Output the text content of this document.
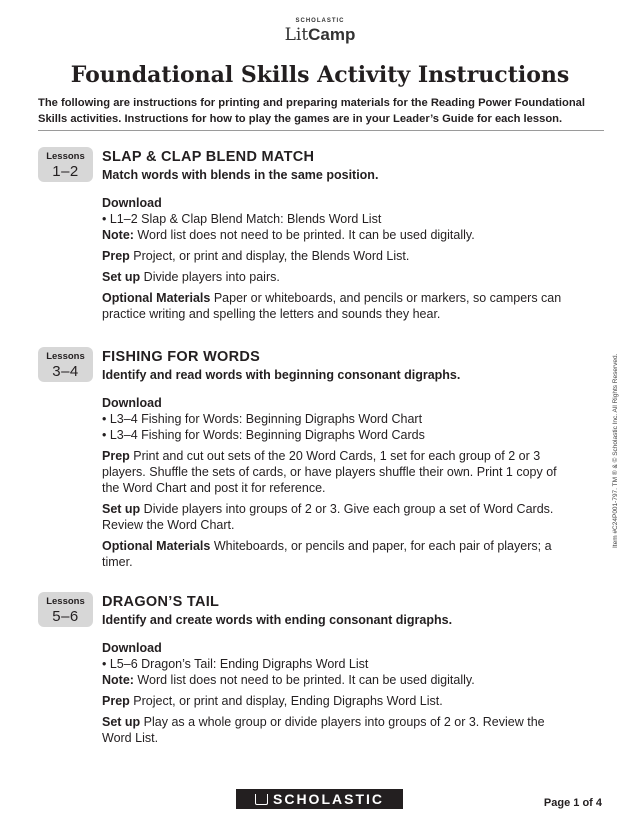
SCHOLASTIC
LitCamp
Foundational Skills Activity Instructions
The following are instructions for printing and preparing materials for the Reading Power Foundational Skills activities. Instructions for how to play the games are in your Leader’s Guide for each lesson.
Lessons
1–2
SLAP & CLAP BLEND MATCH
Match words with blends in the same position.
Download
• L1–2 Slap & Clap Blend Match: Blends Word List
Note: Word list does not need to be printed. It can be used digitally.
Prep Project, or print and display, the Blends Word List.
Set up Divide players into pairs.
Optional Materials Paper or whiteboards, and pencils or markers, so campers can practice writing and spelling the letters and sounds they hear.
Lessons
3–4
FISHING FOR WORDS
Identify and read words with beginning consonant digraphs.
Download
• L3–4 Fishing for Words: Beginning Digraphs Word Chart
• L3–4 Fishing for Words: Beginning Digraphs Word Cards
Prep Print and cut out sets of the 20 Word Cards, 1 set for each group of 2 or 3 players. Shuffle the sets of cards, or have players shuffle their own. Print 1 copy of the Word Chart and post it for reference.
Set up Divide players into groups of 2 or 3. Give each group a set of Word Cards. Review the Word Chart.
Optional Materials Whiteboards, or pencils and paper, for each pair of players; a timer.
Lessons
5–6
DRAGON’S TAIL
Identify and create words with ending consonant digraphs.
Download
• L5–6 Dragon’s Tail: Ending Digraphs Word List
Note: Word list does not need to be printed. It can be used digitally.
Prep Project, or print and display, Ending Digraphs Word List.
Set up Play as a whole group or divide players into groups of 2 or 3. Review the Word List.
Item #C24P001-797. TM ® & © Scholastic Inc. All Rights Reserved.
SCHOLASTIC	Page 1 of 4
